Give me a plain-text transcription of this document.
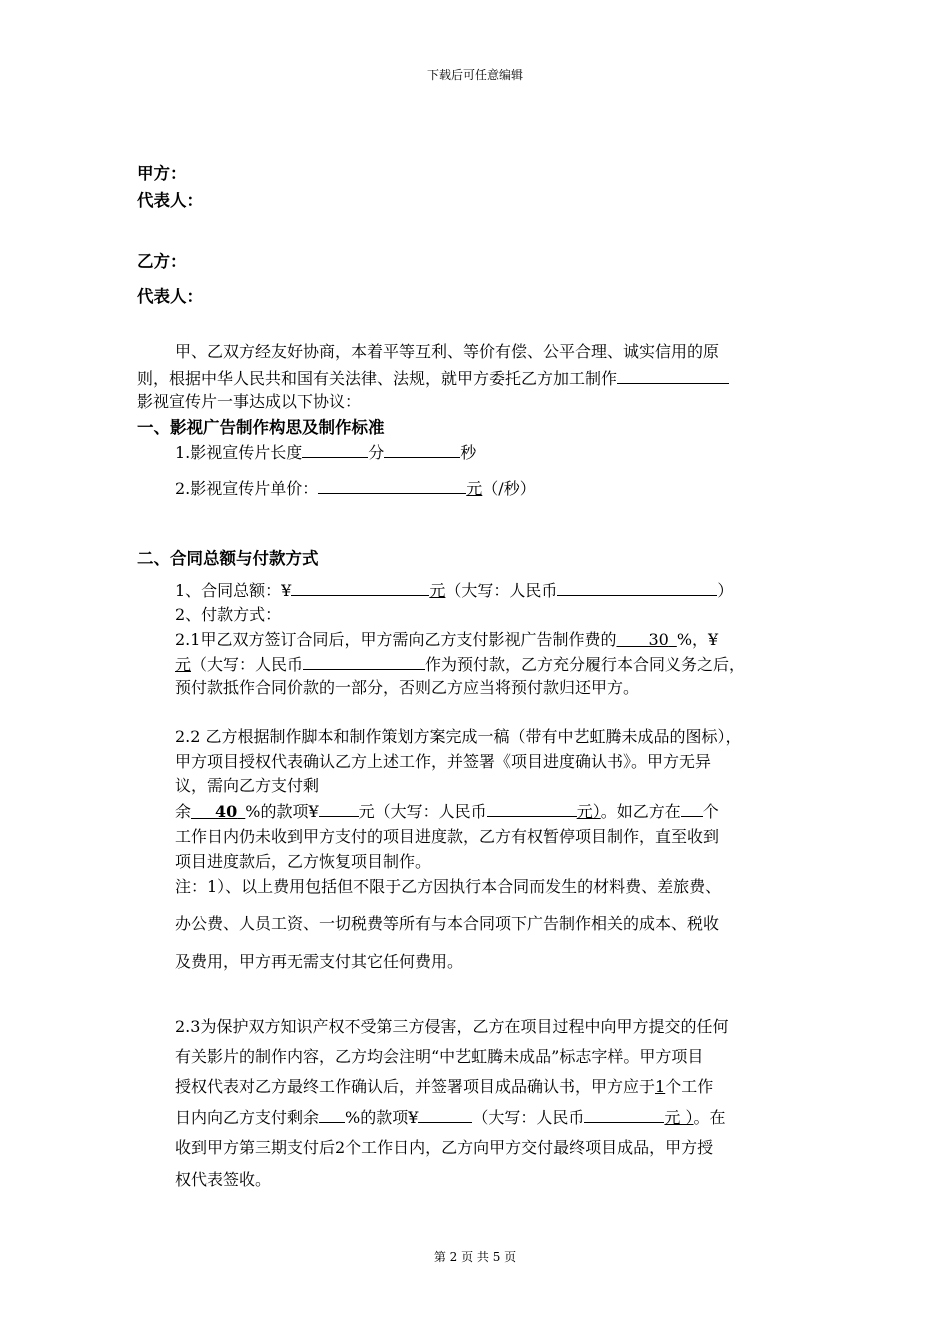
下载后可任意编辑
甲方：
代表人：
乙方：
代表人：
甲、乙双方经友好协商，本着平等互利、等价有偿、公平合理、诚实信用的原
则，根据中华人民共和国有关法律、法规，就甲方委托乙方加工制作
影视宣传片一事达成以下协议：
一、影视广告制作构思及制作标准
1.影视宣传片长度	分	秒
2.影视宣传片单价：	元（/秒）
二、合同总额与付款方式
1、合同总额：¥	元（大写：人民币	）
2、付款方式：
2.1甲乙双方签订合同后，甲方需向乙方支付影视广告制作费的   30  %，¥
元（大写：人民币	作为预付款，乙方充分履行本合同义务之后，
预付款抵作合同价款的一部分，否则乙方应当将预付款归还甲方。
2.2 乙方根据制作脚本和制作策划方案完成一稿（带有中艺虹腾未成品的图标），
甲方项目授权代表确认乙方上述工作，并签署《项目进度确认书》。甲方无异
议，需向乙方支付剩
余   40  %的款项¥	元（大写：人民币	元）。如乙方在 个
工作日内仍未收到甲方支付的项目进度款，乙方有权暂停项目制作，直至收到
项目进度款后，乙方恢复项目制作。
注：1）、以上费用包括但不限于乙方因执行本合同而发生的材料费、差旅费、
办公费、人员工资、一切税费等所有与本合同项下广告制作相关的成本、税收
及费用，甲方再无需支付其它任何费用。
2.3为保护双方知识产权不受第三方侵害，乙方在项目过程中向甲方提交的任何
有关影片的制作内容，乙方均会注明“中艺虹腾未成品”标志字样。甲方项目
授权代表对乙方最终工作确认后，并签署项目成品确认书，甲方应于1个工作
日内向乙方支付剩余 %的款项¥	（大写：人民币	元 ）。在
收到甲方第三期支付后2个工作日内，乙方向甲方交付最终项目成品，甲方授
权代表签收。
第 2 页 共 5 页
